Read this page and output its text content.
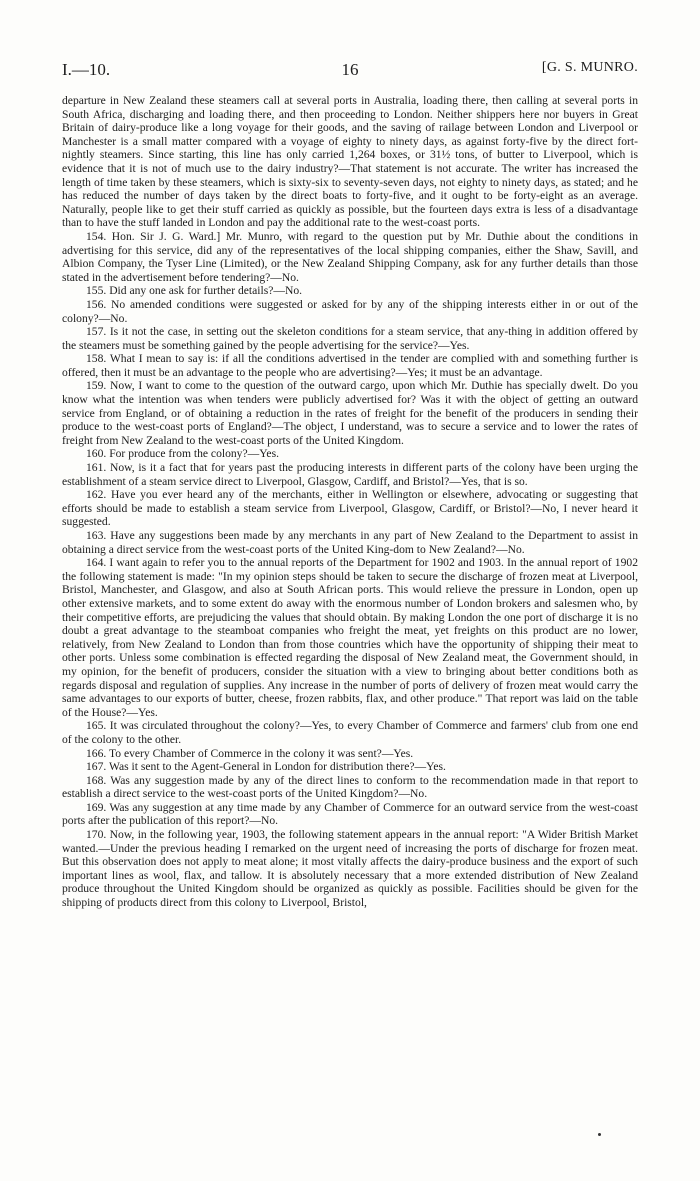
I.—10.	16	[G. S. MUNRO.

departure in New Zealand these steamers call at several ports in Australia, loading there, then calling at several ports in South Africa, discharging and loading there, and then proceeding to London. Neither shippers here nor buyers in Great Britain of dairy-produce like a long voyage for their goods, and the saving of railage between London and Liverpool or Manchester is a small matter compared with a voyage of eighty to ninety days, as against forty-five by the direct fort-nightly steamers. Since starting, this line has only carried 1,264 boxes, or 31½ tons, of butter to Liverpool, which is evidence that it is not of much use to the dairy industry?—That statement is not accurate. The writer has increased the length of time taken by these steamers, which is sixty-six to seventy-seven days, not eighty to ninety days, as stated; and he has reduced the number of days taken by the direct boats to forty-five, and it ought to be forty-eight as an average. Naturally, people like to get their stuff carried as quickly as possible, but the fourteen days extra is less of a disadvantage than to have the stuff landed in London and pay the additional rate to the west-coast ports.

154. Hon. Sir J. G. Ward.] Mr. Munro, with regard to the question put by Mr. Duthie about the conditions in advertising for this service, did any of the representatives of the local shipping companies, either the Shaw, Savill, and Albion Company, the Tyser Line (Limited), or the New Zealand Shipping Company, ask for any further details than those stated in the advertisement before tendering?—No.

155. Did any one ask for further details?—No.

156. No amended conditions were suggested or asked for by any of the shipping interests either in or out of the colony?—No.

157. Is it not the case, in setting out the skeleton conditions for a steam service, that any-thing in addition offered by the steamers must be something gained by the people advertising for the service?—Yes.

158. What I mean to say is: if all the conditions advertised in the tender are complied with and something further is offered, then it must be an advantage to the people who are advertising?—Yes; it must be an advantage.

159. Now, I want to come to the question of the outward cargo, upon which Mr. Duthie has specially dwelt. Do you know what the intention was when tenders were publicly advertised for? Was it with the object of getting an outward service from England, or of obtaining a reduction in the rates of freight for the benefit of the producers in sending their produce to the west-coast ports of England?—The object, I understand, was to secure a service and to lower the rates of freight from New Zealand to the west-coast ports of the United Kingdom.

160. For produce from the colony?—Yes.

161. Now, is it a fact that for years past the producing interests in different parts of the colony have been urging the establishment of a steam service direct to Liverpool, Glasgow, Cardiff, and Bristol?—Yes, that is so.

162. Have you ever heard any of the merchants, either in Wellington or elsewhere, advocating or suggesting that efforts should be made to establish a steam service from Liverpool, Glasgow, Cardiff, or Bristol?—No, I never heard it suggested.

163. Have any suggestions been made by any merchants in any part of New Zealand to the Department to assist in obtaining a direct service from the west-coast ports of the United King-dom to New Zealand?—No.

164. I want again to refer you to the annual reports of the Department for 1902 and 1903. In the annual report of 1902 the following statement is made: "In my opinion steps should be taken to secure the discharge of frozen meat at Liverpool, Bristol, Manchester, and Glasgow, and also at South African ports. This would relieve the pressure in London, open up other extensive markets, and to some extent do away with the enormous number of London brokers and salesmen who, by their competitive efforts, are prejudicing the values that should obtain. By making London the one port of discharge it is no doubt a great advantage to the steamboat companies who freight the meat, yet freights on this product are no lower, relatively, from New Zealand to London than from those countries which have the opportunity of shipping their meat to other ports. Unless some combination is effected regarding the disposal of New Zealand meat, the Government should, in my opinion, for the benefit of producers, consider the situation with a view to bringing about better conditions both as regards disposal and regulation of supplies. Any increase in the number of ports of delivery of frozen meat would carry the same advantages to our exports of butter, cheese, frozen rabbits, flax, and other produce." That report was laid on the table of the House?—Yes.

165. It was circulated throughout the colony?—Yes, to every Chamber of Commerce and farmers' club from one end of the colony to the other.

166. To every Chamber of Commerce in the colony it was sent?—Yes.

167. Was it sent to the Agent-General in London for distribution there?—Yes.

168. Was any suggestion made by any of the direct lines to conform to the recommendation made in that report to establish a direct service to the west-coast ports of the United Kingdom?—No.

169. Was any suggestion at any time made by any Chamber of Commerce for an outward service from the west-coast ports after the publication of this report?—No.

170. Now, in the following year, 1903, the following statement appears in the annual report: "A Wider British Market wanted.—Under the previous heading I remarked on the urgent need of increasing the ports of discharge for frozen meat. But this observation does not apply to meat alone; it most vitally affects the dairy-produce business and the export of such important lines as wool, flax, and tallow. It is absolutely necessary that a more extended distribution of New Zealand produce throughout the United Kingdom should be organized as quickly as possible. Facilities should be given for the shipping of products direct from this colony to Liverpool, Bristol,
